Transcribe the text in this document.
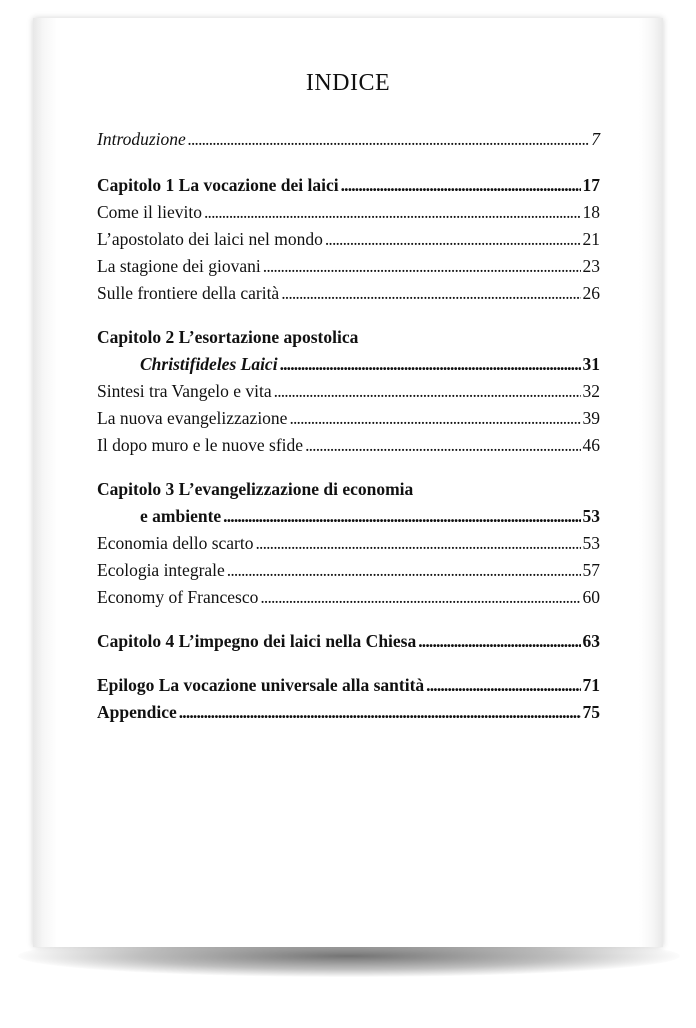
INDICE
Introduzione . . .	7
Capitolo 1 La vocazione dei laici . . .	17
Come il lievito . . .	18
L’apostolato dei laici nel mondo . . .	21
La stagione dei giovani . . .	23
Sulle frontiere della carità . . .	26
Capitolo 2 L’esortazione apostolica
Christifideles Laici . . .	31
Sintesi tra Vangelo e vita . . .	32
La nuova evangelizzazione . . .	39
Il dopo muro e le nuove sfide . . .	46
Capitolo 3 L’evangelizzazione di economia
e ambiente . . .	53
Economia dello scarto . . .	53
Ecologia integrale . . .	57
Economy of Francesco . . .	60
Capitolo 4 L’impegno dei laici nella Chiesa . . .	63
Epilogo La vocazione universale alla santità . . .	71
Appendice . . .	75
